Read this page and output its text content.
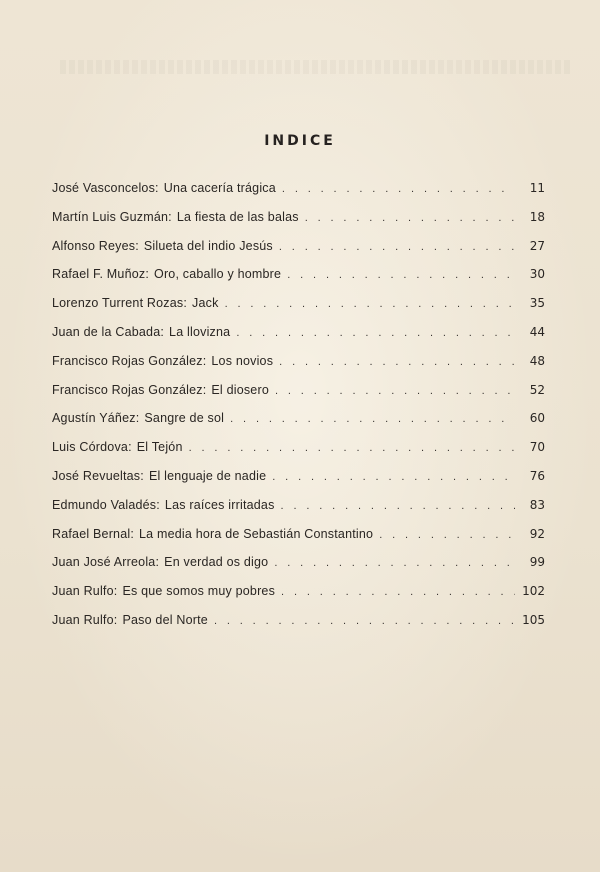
INDICE
José Vasconcelos : Una cacería trágica . . .	11
Martín Luis Guzmán : La fiesta de las balas . . .	18
Alfonso Reyes : Silueta del indio Jesús . . .	27
Rafael F. Muñoz : Oro, caballo y hombre . . .	30
Lorenzo Turrent Rozas : Jack . . .	35
Juan de la Cabada : La llovizna . . .	44
Francisco Rojas González : Los novios . . .	48
Francisco Rojas González : El diosero . . .	52
Agustín Yáñez : Sangre de sol . . .	60
Luis Córdova : El Tejón . . .	70
José Revueltas : El lenguaje de nadie . . .	76
Edmundo Valadés : Las raíces irritadas . . .	83
Rafael Bernal : La media hora de Sebastián Constantino . . .	92
Juan José Arreola : En verdad os digo . . .	99
Juan Rulfo : Es que somos muy pobres . . .	102
Juan Rulfo : Paso del Norte . . .	105
